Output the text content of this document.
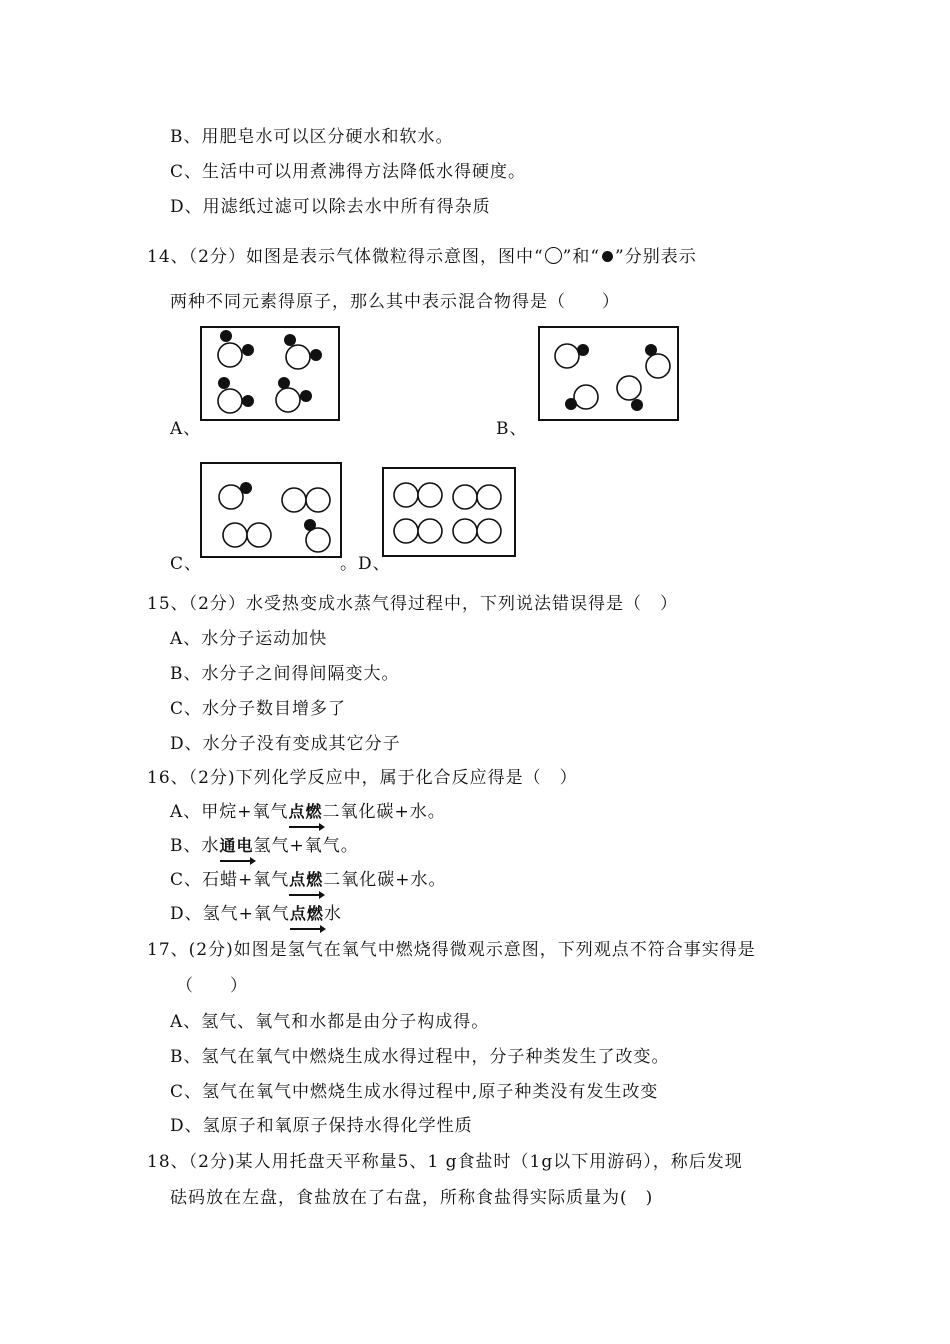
B、用肥皂水可以区分硬水和软水。
C、生活中可以用煮沸得方法降低水得硬度。
D、用滤纸过滤可以除去水中所有得杂质
14、（2分）如图是表示气体微粒得示意图，图中“ ”和“ ”分别表示
两种不同元素得原子，那么其中表示混合物得是（　　）
A、	B、
C、	。D、
15、（2分）水受热变成水蒸气得过程中，下列说法错误得是（　）
A、水分子运动加快
B、水分子之间得间隔变大。
C、水分子数目增多了
D、水分子没有变成其它分子
16、（2分)下列化学反应中，属于化合反应得是（　）
A、甲烷+氧气点燃
二氧化碳+水。
B、水通电
氢气+氧气。
C、石蜡+氧气点燃
二氧化碳+水。
D、氢气+氧气点燃
水
17、(2分)如图是氢气在氧气中燃烧得微观示意图，下列观点不符合事实得是
（　　）
A、氢气、氧气和水都是由分子构成得。
B、氢气在氧气中燃烧生成水得过程中，分子种类发生了改变。
C、氢气在氧气中燃烧生成水得过程中,原子种类没有发生改变
D、氢原子和氧原子保持水得化学性质
18、（2分)某人用托盘天平称量5、1 g食盐时（1g以下用游码），称后发现
砝码放在左盘，食盐放在了右盘，所称食盐得实际质量为(　)
